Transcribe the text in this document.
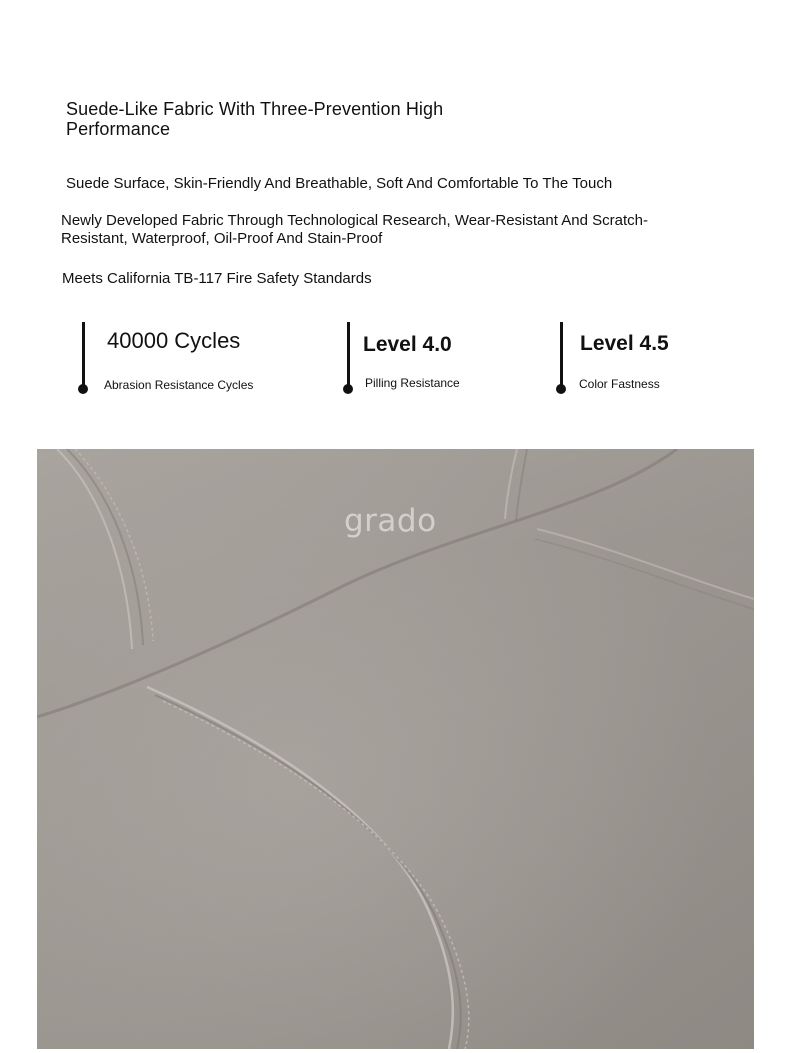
Suede-Like Fabric With Three-Prevention High Performance

Suede Surface, Skin-Friendly And Breathable, Soft And Comfortable To The Touch

Newly Developed Fabric Through Technological Research, Wear-Resistant And Scratch-Resistant, Waterproof, Oil-Proof And Stain-Proof

Meets California TB-117 Fire Safety Standards

40000 Cycles
Abrasion Resistance Cycles
Level 4.0
Pilling Resistance
Level 4.5
Color Fastness
grado
